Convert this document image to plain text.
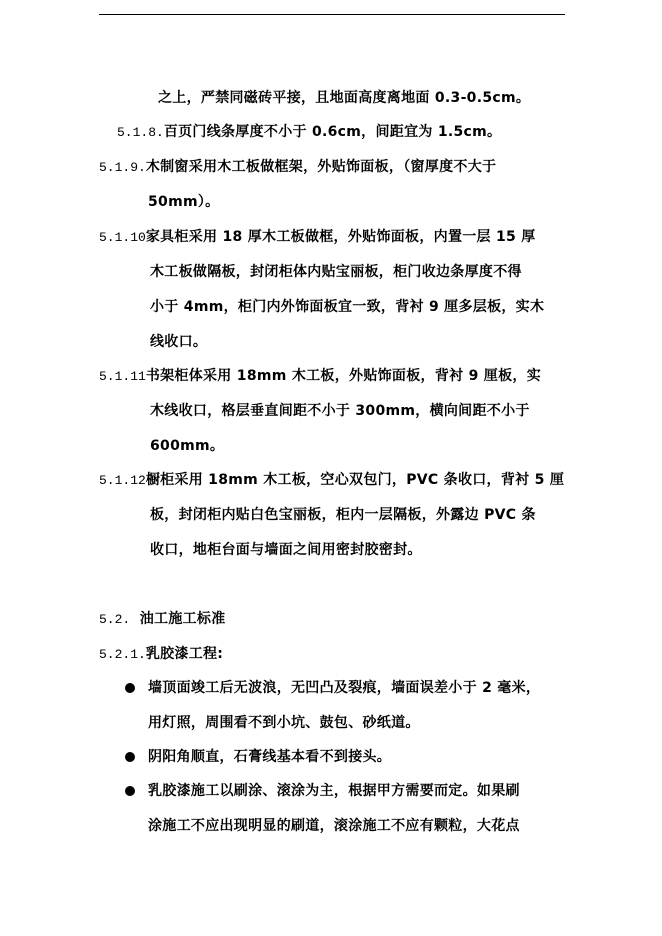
之上，严禁同磁砖平接，且地面高度离地面 0.3-0.5cm。
5.1.8.百页门线条厚度不小于 0.6cm，间距宜为 1.5cm。
5.1.9.木制窗采用木工板做框架，外贴饰面板，（窗厚度不大于
50mm）。
5.1.10家具柜采用 18 厚木工板做框，外贴饰面板，内置一层 15 厚
木工板做隔板，封闭柜体内贴宝丽板，柜门收边条厚度不得
小于 4mm，柜门内外饰面板宜一致，背衬 9 厘多层板，实木
线收口。
5.1.11书架柜体采用 18mm 木工板，外贴饰面板，背衬 9 厘板，实
木线收口，格层垂直间距不小于 300mm，横向间距不小于
600mm。
5.1.12橱柜采用 18mm 木工板，空心双包门，PVC 条收口，背衬 5 厘
板，封闭柜内贴白色宝丽板，柜内一层隔板，外露边 PVC 条
收口，地柜台面与墙面之间用密封胶密封。
5.2. 油工施工标准
5.2.1.乳胶漆工程:
墙顶面竣工后无波浪，无凹凸及裂痕，墙面误差小于 2 毫米，
用灯照，周围看不到小坑、鼓包、砂纸道。
阴阳角顺直，石膏线基本看不到接头。
乳胶漆施工以刷涂、滚涂为主，根据甲方需要而定。如果刷
涂施工不应出现明显的刷道，滚涂施工不应有颗粒，大花点
